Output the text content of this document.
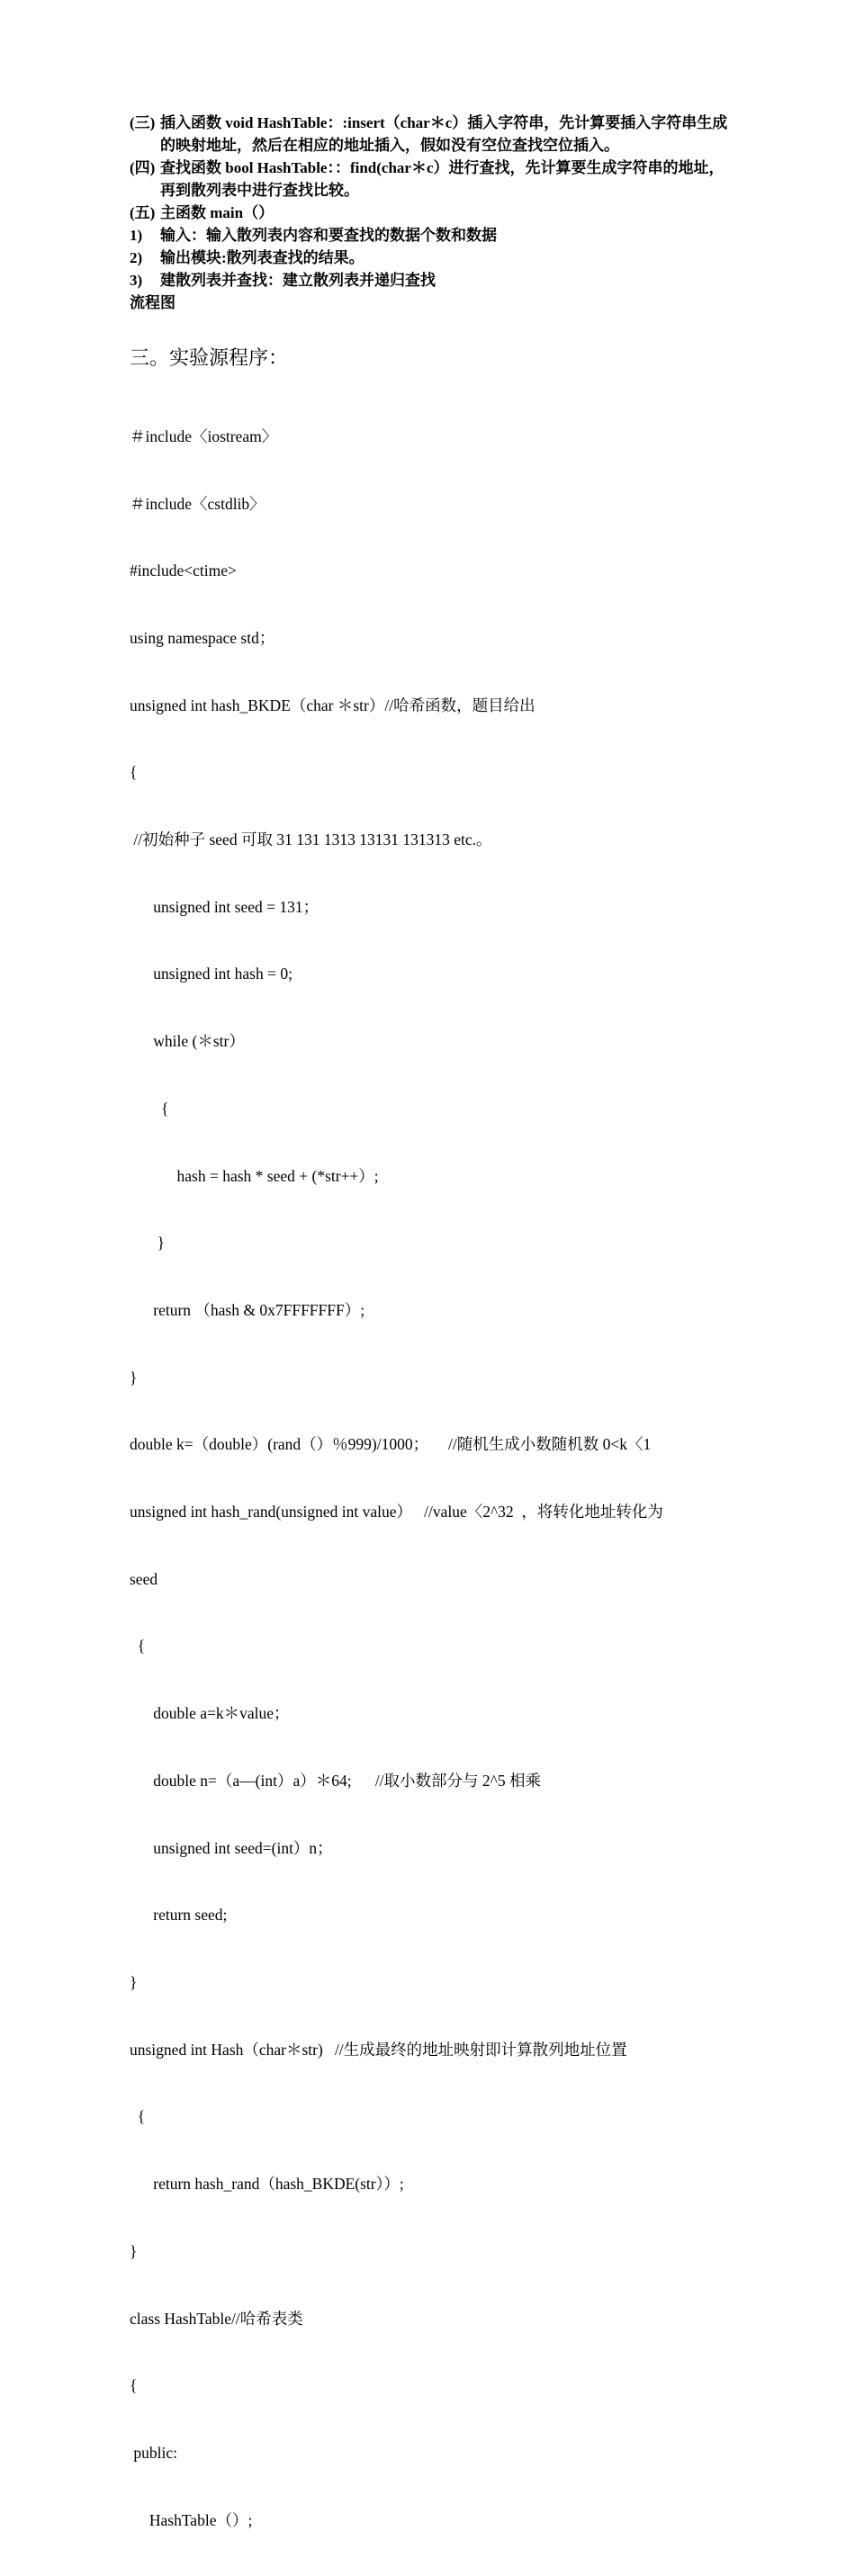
(三) 插入函数 void HashTable：:insert（char＊c）插入字符串，先计算要插入字符串生成的映射地址，然后在相应的地址插入，假如没有空位查找空位插入。
(四) 查找函数 bool HashTable：：find(char＊c）进行查找，先计算要生成字符串的地址，再到散列表中进行查找比较。
(五) 主函数 main（）
1) 输入：输入散列表内容和要查找的数据个数和数据
2) 输出模块:散列表查找的结果。
3) 建散列表并查找：建立散列表并递归查找
流程图
三。实验源程序：

＃include〈iostream〉

＃include〈cstdlib〉

#include<ctime>

using namespace std；

unsigned int hash_BKDE（char ＊str）//哈希函数，题目给出

{

//初始种子 seed 可取 31 131 1313 13131 131313 etc.。

unsigned int seed = 131；

unsigned int hash = 0;

while (＊str）

{

hash = hash * seed + (*str++）;

}

return （hash & 0x7FFFFFFF）;

}

double k=（double）(rand（）％999)/1000；     //随机生成小数随机数 0<k〈1

unsigned int hash_rand(unsigned int value）   //value〈2^32  ，将转化地址转化为

seed

{

double a=k＊value；

double n=（a—(int）a）＊64;      //取小数部分与 2^5 相乘

unsigned int seed=(int）n；

return seed;

}

unsigned int Hash（char＊str)   //生成最终的地址映射即计算散列地址位置

{

return hash_rand（hash_BKDE(str））;

}

class HashTable//哈希表类

{

public:

HashTable（）;
